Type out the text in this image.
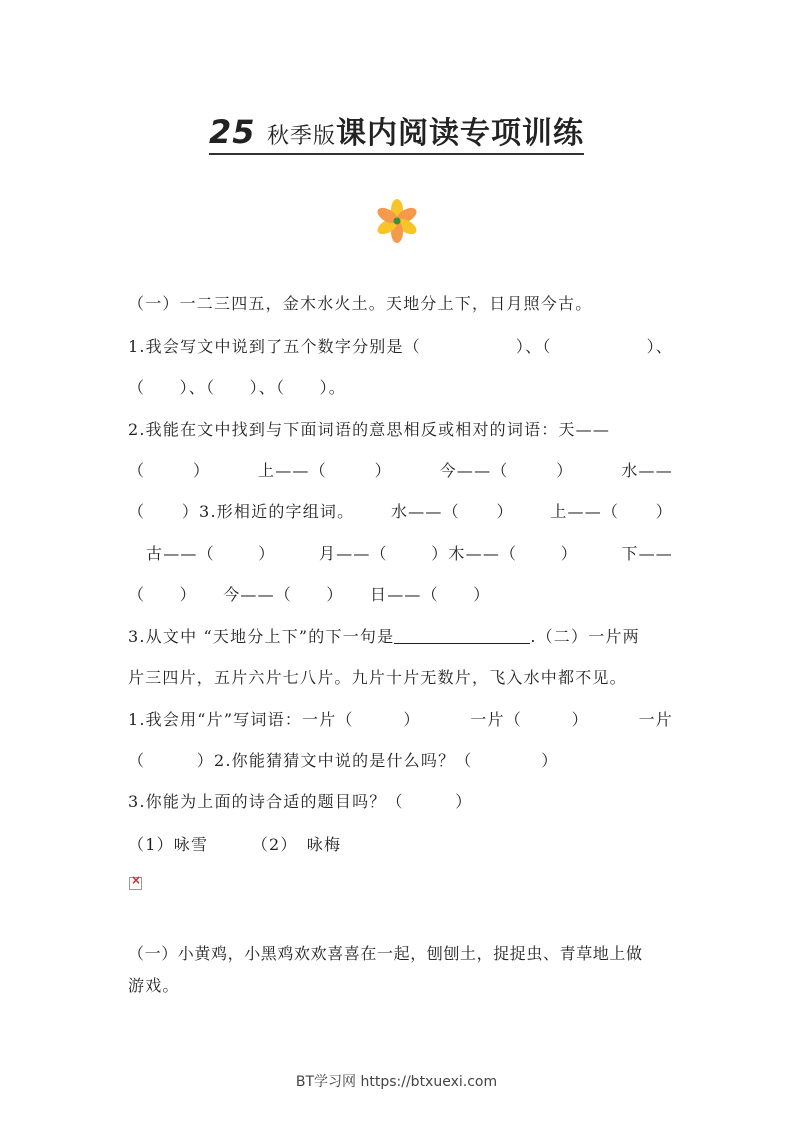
25 秋季版课内阅读专项训练
（一）一二三四五，金木水火土。天地分上下，日月照今古。
1.我会写文中说到了五个数字分别是（	）、（	）、
（　　）、（　　）、（　　）。
2.我能在文中找到与下面词语的意思相反或相对的词语：天——
（	）	上——（	）	今——（	）	水——
（ ）3.形相近的字组词。 水——（ ） 上——（ ）
古——（	）	月——（	）木——（	）	下——
（　　）　　今——（　　）　　日——（　　）
3.从文中 “天地分上下”的下一句是	.（二）一片两
片三四片，五片六片七八片。九片十片无数片，飞入水中都不见。
1.我会用“片”写词语：一片（	）	一片（	）	一片
（　　　）2.你能猜猜文中说的是什么吗？（　　　　）
3.你能为上面的诗合适的题目吗？（　　　）
（1）咏雪　　　（2）　咏梅
×
（一）小黄鸡，小黑鸡欢欢喜喜在一起，刨刨土，捉捉虫、青草地上做
游戏。
BT学习网 https://btxuexi.com
